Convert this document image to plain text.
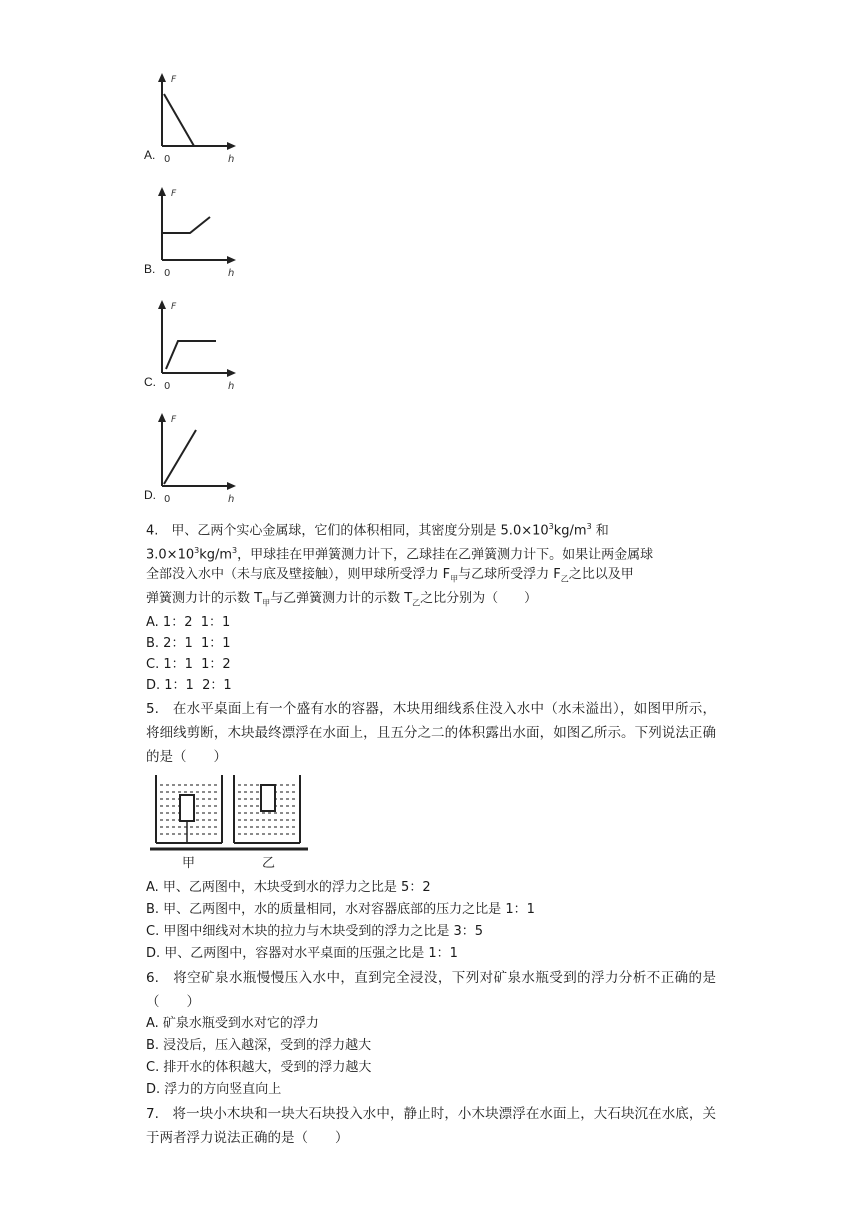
F
0	h
A.
F
0	h
B.
F
0	h
C.
F
0	h
D.
4.　甲、乙两个实心金属球，它们的体积相同，其密度分别是 $5.0\times 10^3kg/m^3$ 和
$3.0\times 10^3kg/m^3$，甲球挂在甲弹簧测力计下，乙球挂在乙弹簧测力计下。如果让两金属球
全部没入水中（未与底及壁接触），则甲球所受浮力 $F_甲$与乙球所受浮力 $F_乙$之比以及甲
弹簧测力计的示数 $T_甲$与乙弹簧测力计的示数 $T_乙$之比分别为（　　）
A. 1：2  1：1
B. 2：1  1：1
C. 1：1  1：2
D. 1：1  2：1
5.　在水平桌面上有一个盛有水的容器，木块用细线系住没入水中（水未溢出），如图甲所示，将细线剪断，木块最终漂浮在水面上，且五分之二的体积露出水面，如图乙所示。下列说法正确的是（　　）
甲	乙
A. 甲、乙两图中，木块受到水的浮力之比是 5：2
B. 甲、乙两图中，水的质量相同，水对容器底部的压力之比是 1：1
C. 甲图中细线对木块的拉力与木块受到的浮力之比是 3：5
D. 甲、乙两图中，容器对水平桌面的压强之比是 1：1
6.　将空矿泉水瓶慢慢压入水中，直到完全浸没，下列对矿泉水瓶受到的浮力分析不正确的是（　　）
A. 矿泉水瓶受到水对它的浮力
B. 浸没后，压入越深，受到的浮力越大
C. 排开水的体积越大，受到的浮力越大
D. 浮力的方向竖直向上
7.　将一块小木块和一块大石块投入水中，静止时，小木块漂浮在水面上，大石块沉在水底，关于两者浮力说法正确的是（　　）
